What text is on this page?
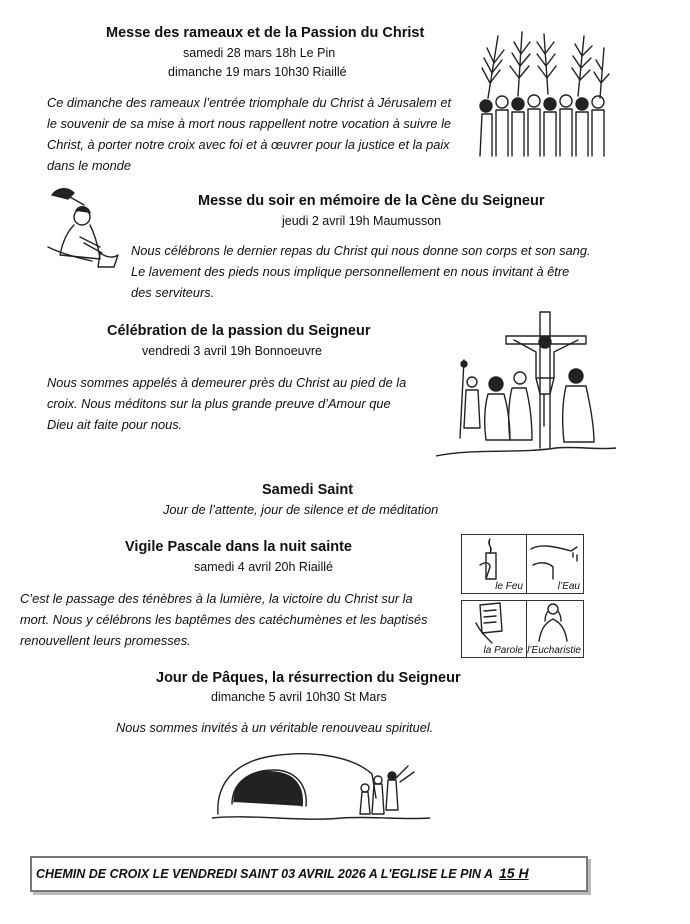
Messe des rameaux et de la Passion du Christ
samedi 28 mars 18h Le Pin
dimanche 19 mars 10h30 Riaillé
Ce dimanche des rameaux l’entrée triomphale du Christ à Jérusalem et
le souvenir de sa mise à mort nous rappellent notre vocation à suivre le
Christ, à porter notre croix avec foi et à œuvrer pour la justice et la paix
dans le monde
Messe du soir en mémoire de la Cène du Seigneur
jeudi 2 avril 19h Maumusson
Nous célébrons le dernier repas du Christ qui nous donne son corps et son sang.
Le lavement des pieds nous implique personnellement en nous invitant à être
des serviteurs.
Célébration de la passion du Seigneur
vendredi 3 avril 19h Bonnoeuvre
Nous sommes appelés à demeurer près du Christ au pied de la
croix. Nous méditons sur la plus grande preuve d’Amour que
Dieu ait faite pour nous.
Samedi Saint
Jour de l’attente, jour de silence et de méditation
Vigile Pascale dans la nuit sainte
samedi 4 avril 20h Riaillé
C’est le passage des ténèbres à la lumière, la victoire du Christ sur la
mort. Nous y célébrons les baptêmes des catéchumènes et les baptisés
renouvellent leurs promesses.
le Feu	l’Eau
la Parole l’Eucharistie
Jour de Pâques, la résurrection du Seigneur
dimanche 5 avril 10h30 St Mars
Nous sommes invités à un véritable renouveau spirituel.
CHEMIN DE CROIX LE VENDREDI SAINT 03 AVRIL 2026 A L'EGLISE LE PIN A 15 H
